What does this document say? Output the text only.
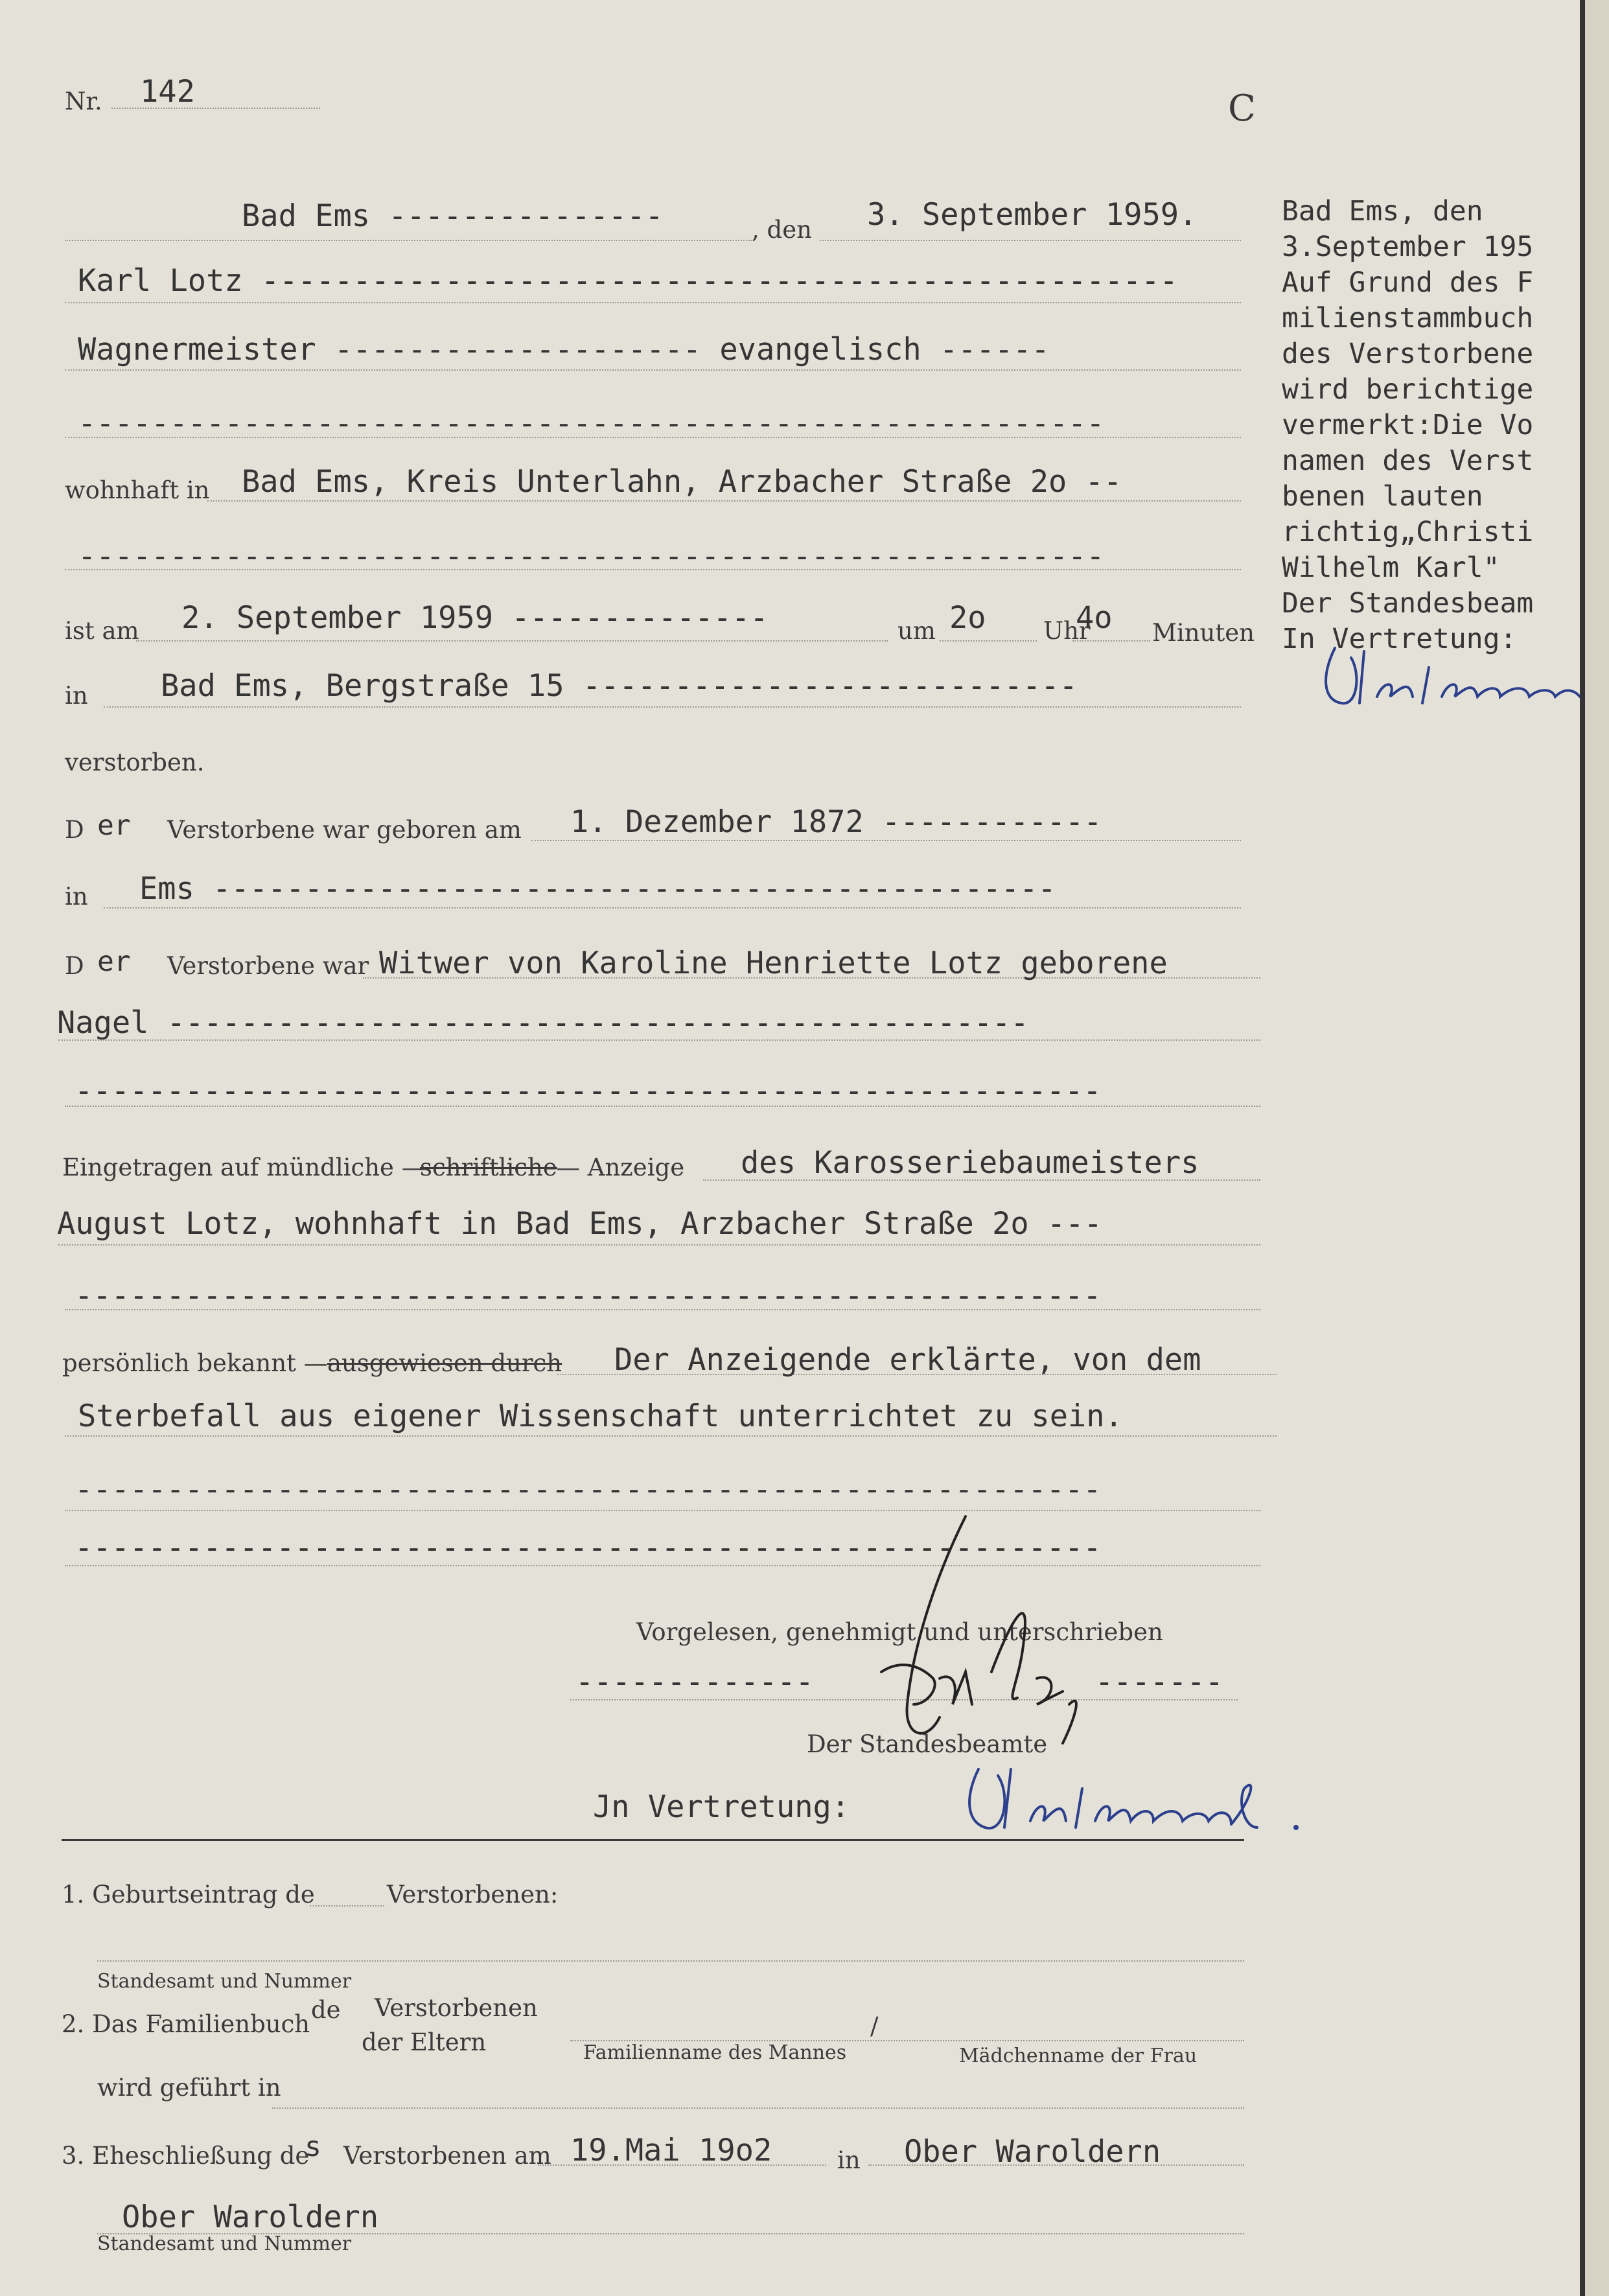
Nr. 142	C
Bad Ems ---------------	, den 3. September 1959.
Karl Lotz --------------------------------------------------
Wagnermeister -------------------- evangelisch ------
--------------------------------------------------------
wohnhaft in Bad Ems, Kreis Unterlahn, Arzbacher Straße 2o --
--------------------------------------------------------
ist am 2. September 1959 --------------	um 2o Uhr
4o Minuten
in Bad Ems, Bergstraße 15 ---------------------------
verstorben.
D er Verstorbene war geboren am 1. Dezember 1872 ------------
in Ems ----------------------------------------------
D er Verstorbene war Witwer von Karoline Henriette Lotz geborene
Nagel -----------------------------------------------
--------------------------------------------------------
Eingetragen auf mündliche —
schriftliche
— Anzeige des Karosseriebaumeisters
August Lotz, wohnhaft in Bad Ems, Arzbacher Straße 2o ---
--------------------------------------------------------
persönlich bekannt — ausgewiesen durch Der Anzeigende erklärte, von dem
Sterbefall aus eigener Wissenschaft unterrichtet zu sein.
--------------------------------------------------------
--------------------------------------------------------
Vorgelesen, genehmigt und unterschrieben
-------------	-------
Der Standesbeamte
Jn Vertretung:
1. Geburtseintrag de	Verstorbenen:
Standesamt und Nummer
2. Das Familienbuch
de Verstorbenen
der Eltern	Familienname des Mannes
/
Mädchenname der Frau
wird geführt in
3. Eheschließung de
s Verstorbenen am 19.Mai 19o2	in Ober Waroldern
Ober Waroldern
Standesamt und Nummer
Bad Ems, den
3.September 195
Auf Grund des F
milienstammbuch
des Verstorbene
wird berichtige
vermerkt:Die Vo
namen des Verst
benen lauten
richtig„Christi
Wilhelm Karl"
Der Standesbeam
In Vertretung:
